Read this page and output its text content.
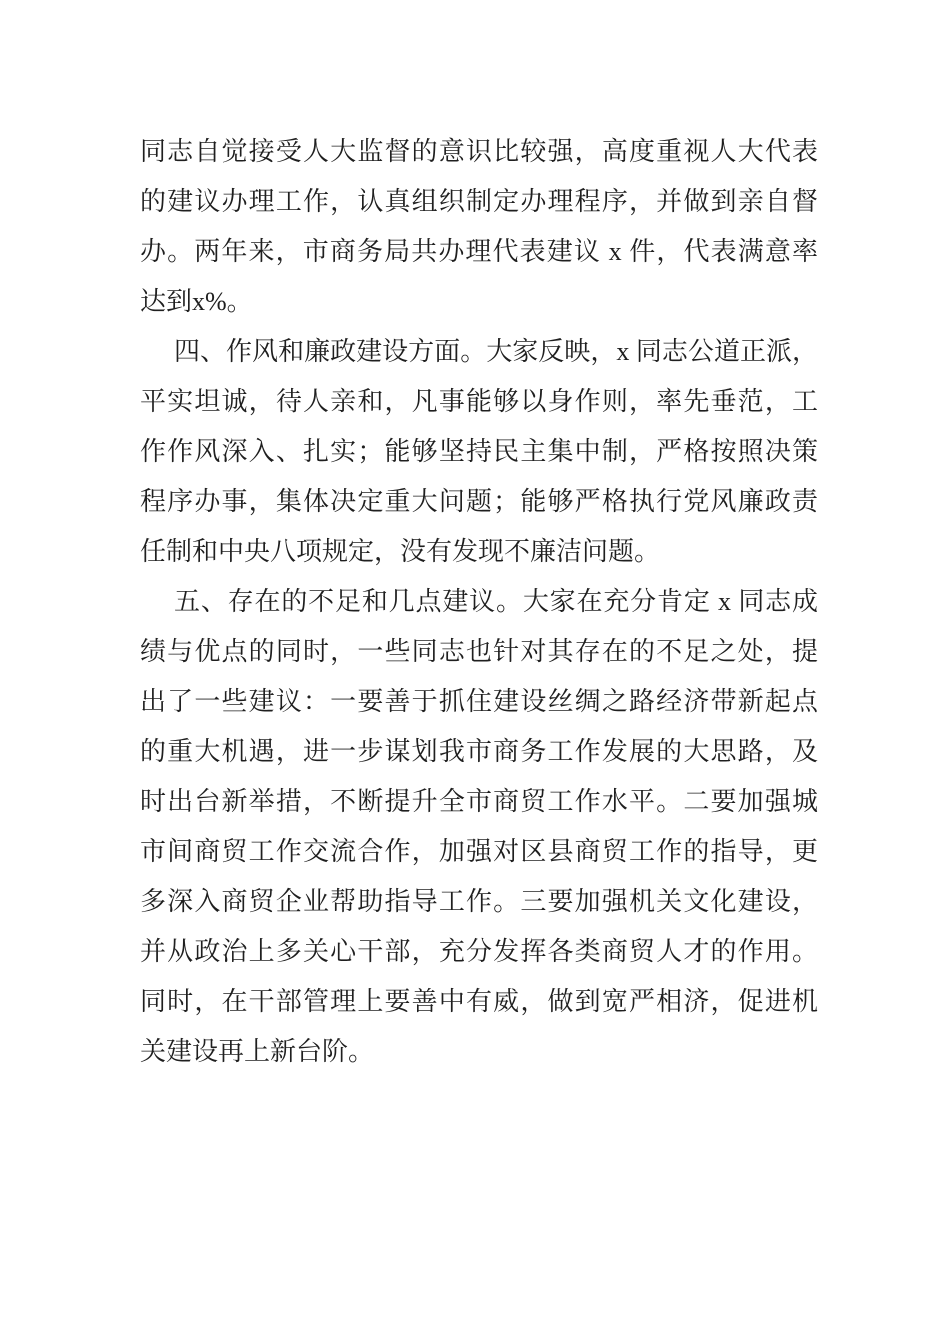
同志自觉接受人大监督的意识比较强，高度重视人大代表
的建议办理工作，认真组织制定办理程序，并做到亲自督
办。两年来，市商务局共办理代表建议 x 件，代表满意率
达到x%。
四、作风和廉政建设方面。大家反映，x 同志公道正派，
平实坦诚，待人亲和，凡事能够以身作则，率先垂范，工
作作风深入、扎实；能够坚持民主集中制，严格按照决策
程序办事，集体决定重大问题；能够严格执行党风廉政责
任制和中央八项规定，没有发现不廉洁问题。
五、存在的不足和几点建议。大家在充分肯定 x 同志成
绩与优点的同时，一些同志也针对其存在的不足之处，提
出了一些建议：一要善于抓住建设丝绸之路经济带新起点
的重大机遇，进一步谋划我市商务工作发展的大思路，及
时出台新举措，不断提升全市商贸工作水平。二要加强城
市间商贸工作交流合作，加强对区县商贸工作的指导，更
多深入商贸企业帮助指导工作。三要加强机关文化建设，
并从政治上多关心干部，充分发挥各类商贸人才的作用。
同时，在干部管理上要善中有威，做到宽严相济，促进机
关建设再上新台阶。
